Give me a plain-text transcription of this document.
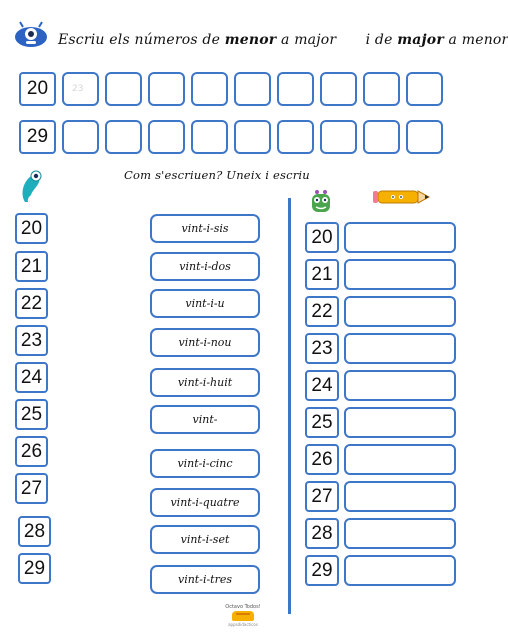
Escriu els números de menor a major i de major a menor
20	23
29
Com s'escriuen? Uneix i escriu
20
21
22
23
24
25
26
27
28
29
vint-i-sis
vint-i-dos
vint-i-u
vint-i-nou
vint-i-huit
vint-
vint-i-cinc
vint-i-quatre
vint-i-set
vint-i-tres
20
21
22
23
24
25
26
27
28
29
Octavo Todos!
appsdidacticos
